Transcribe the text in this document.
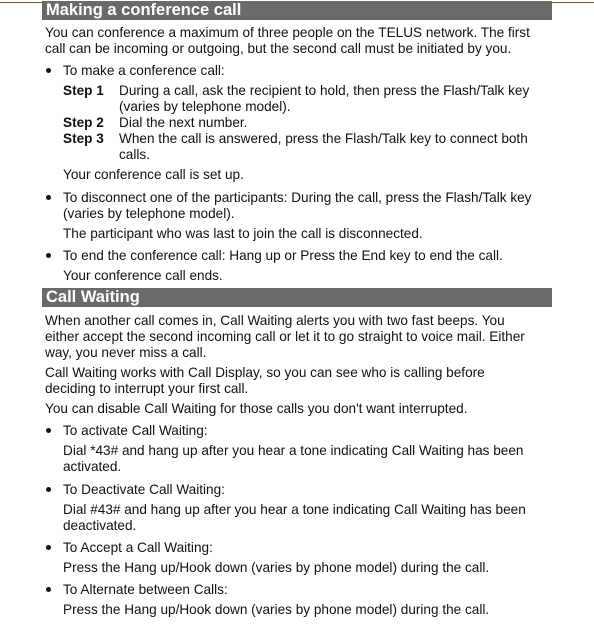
Making a conference call
You can conference a maximum of three people on the TELUS network. The first
call can be incoming or outgoing, but the second call must be initiated by you.
To make a conference call:
Step 1 During a call, ask the recipient to hold, then press the Flash/Talk key
(varies by telephone model).
Step 2 Dial the next number.
Step 3 When the call is answered, press the Flash/Talk key to connect both
calls.
Your conference call is set up.
To disconnect one of the participants: During the call, press the Flash/Talk key
(varies by telephone model).
The participant who was last to join the call is disconnected.
To end the conference call: Hang up or Press the End key to end the call.
Your conference call ends.
Call Waiting
When another call comes in, Call Waiting alerts you with two fast beeps. You
either accept the second incoming call or let it to go straight to voice mail. Either
way, you never miss a call.
Call Waiting works with Call Display, so you can see who is calling before
deciding to interrupt your first call.
You can disable Call Waiting for those calls you don't want interrupted.
To activate Call Waiting:
Dial *43# and hang up after you hear a tone indicating Call Waiting has been
activated.
To Deactivate Call Waiting:
Dial #43# and hang up after you hear a tone indicating Call Waiting has been
deactivated.
To Accept a Call Waiting:
Press the Hang up/Hook down (varies by phone model) during the call.
To Alternate between Calls:
Press the Hang up/Hook down (varies by phone model) during the call.
